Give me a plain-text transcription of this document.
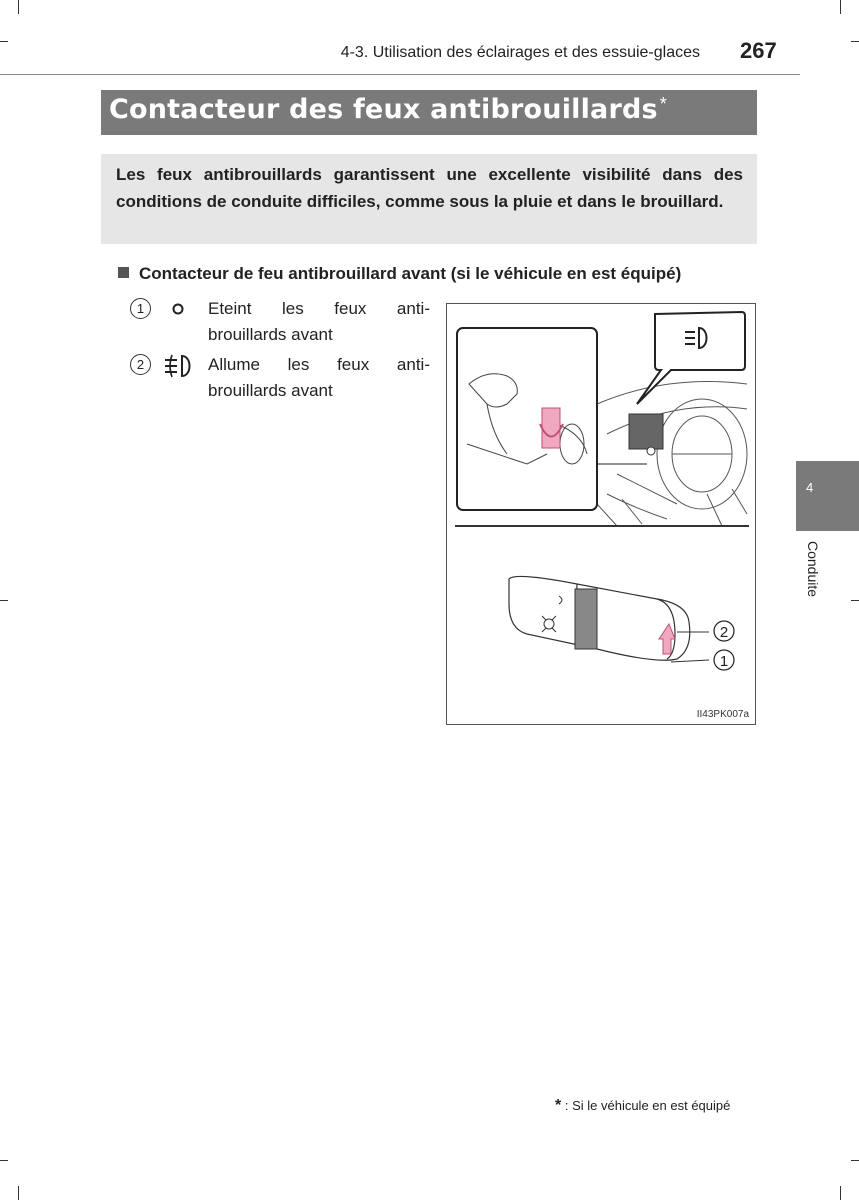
4-3. Utilisation des éclairages et des essuie-glaces 267
Contacteur des feux antibrouillards *
Les feux antibrouillards garantissent une excellente visibilité dans des conditions de conduite difficiles, comme sous la pluie et dans le brouillard.
Contacteur de feu antibrouillard avant (si le véhicule en est équipé)
1	Eteint les feux anti-
brouillards avant
2	Allume les feux anti-
brouillards avant
2
1
II43PK007a
4
Conduite
* : Si le véhicule en est équipé
